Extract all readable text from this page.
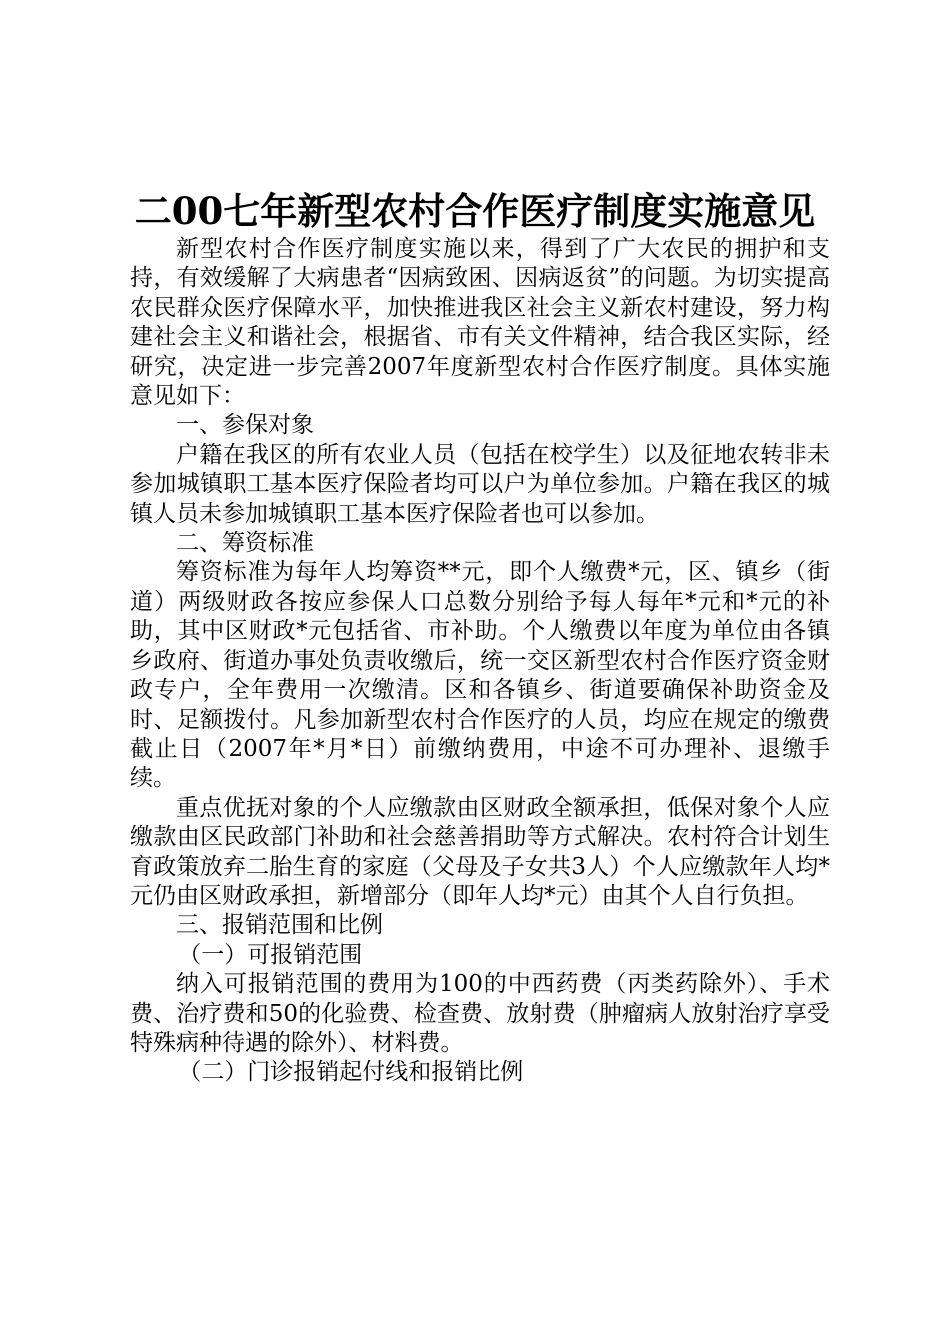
二00七年新型农村合作医疗制度实施意见

新型农村合作医疗制度实施以来，得到了广大农民的拥护和支持，有效缓解了大病患者“因病致困、因病返贫”的问题。为切实提高农民群众医疗保障水平，加快推进我区社会主义新农村建设，努力构建社会主义和谐社会，根据省、市有关文件精神，结合我区实际，经研究，决定进一步完善2007年度新型农村合作医疗制度。具体实施意见如下：

一、参保对象

户籍在我区的所有农业人员（包括在校学生）以及征地农转非未参加城镇职工基本医疗保险者均可以户为单位参加。户籍在我区的城镇人员未参加城镇职工基本医疗保险者也可以参加。

二、筹资标准

筹资标准为每年人均筹资**元，即个人缴费*元，区、镇乡（街道）两级财政各按应参保人口总数分别给予每人每年*元和*元的补助，其中区财政*元包括省、市补助。个人缴费以年度为单位由各镇乡政府、街道办事处负责收缴后，统一交区新型农村合作医疗资金财政专户，全年费用一次缴清。区和各镇乡、街道要确保补助资金及时、足额拨付。凡参加新型农村合作医疗的人员，均应在规定的缴费截止日（2007年*月*日）前缴纳费用，中途不可办理补、退缴手续。

重点优抚对象的个人应缴款由区财政全额承担，低保对象个人应缴款由区民政部门补助和社会慈善捐助等方式解决。农村符合计划生育政策放弃二胎生育的家庭（父母及子女共3人）个人应缴款年人均*元仍由区财政承担，新增部分（即年人均*元）由其个人自行负担。

三、报销范围和比例

（一）可报销范围

纳入可报销范围的费用为100的中西药费（丙类药除外）、手术费、治疗费和50的化验费、检查费、放射费（肿瘤病人放射治疗享受特殊病种待遇的除外）、材料费。

（二）门诊报销起付线和报销比例
